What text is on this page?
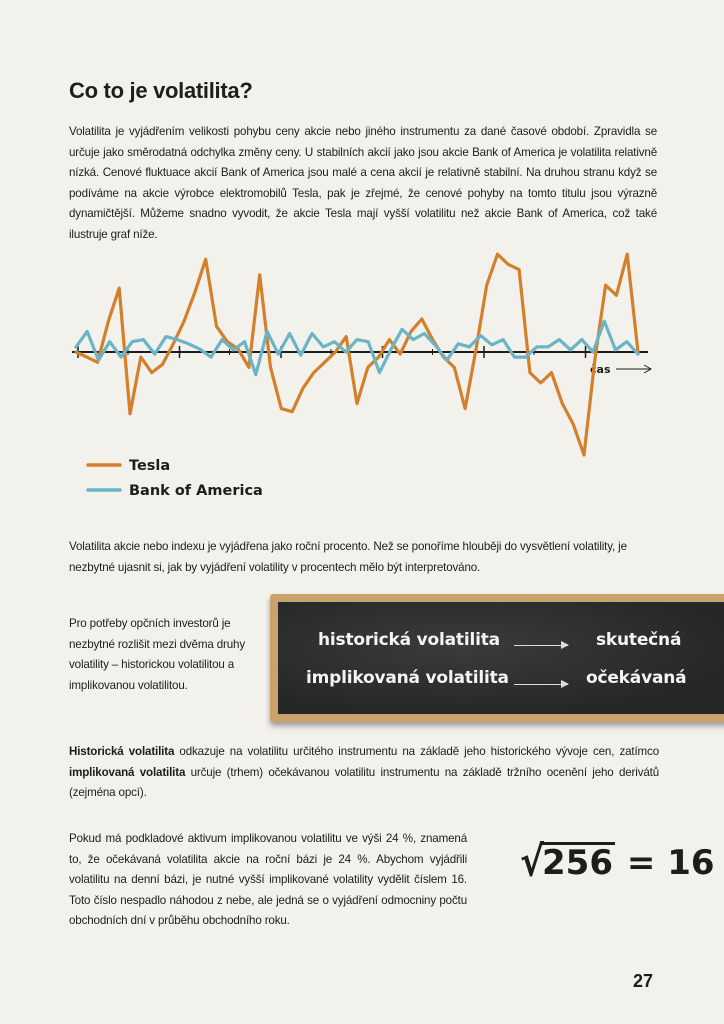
Co to je volatilita?
Volatilita je vyjádřením velikosti pohybu ceny akcie nebo jiného instrumentu za dané časové období. Zpravidla se určuje jako směrodatná odchylka změny ceny. U stabilních akcií jako jsou akcie Bank of America je volatilita relativně nízká. Cenové fluktuace akcií Bank of America jsou malé a cena akcií je relativně stabilní. Na druhou stranu když se podíváme na akcie výrobce elektromobilů Tesla, pak je zřejmé, že cenové pohyby na tomto titulu jsou výrazně dynamičtější. Můžeme snadno vyvodit, že akcie Tesla mají vyšší volatilitu než akcie Bank of America, což také ilustruje graf níže.
čas
Tesla
Bank of America
Volatilita akcie nebo indexu je vyjádřena jako roční procento. Než se ponoříme hlouběji do vysvětlení volatility, je nezbytné ujasnit si, jak by vyjádření volatility v procentech mělo být interpretováno.
Pro potřeby opčních investorů je nezbytné rozlišit mezi dvěma druhy volatility – historickou volatilitou a implikovanou volatilitou.
historická volatilita	skutečná
implikovaná volatilita	očekávaná
Historická volatilita odkazuje na volatilitu určitého instrumentu na základě jeho historického vývoje cen, zatímco implikovaná volatilita určuje (trhem) očekávanou volatilitu instrumentu na základě tržního ocenění jeho derivátů (zejména opcí).
Pokud má podkladové aktivum implikovanou volatilitu ve výši 24 %, znamená to, že očekávaná volatilita akcie na roční bázi je 24 %. Abychom vyjádřili volatilitu na denní bázi, je nutné vyšší implikované volatility vydělit číslem 16. Toto číslo nespadlo náhodou z nebe, ale jedná se o vyjádření odmocniny počtu obchodních dní v průběhu obchodního roku.
√256 = 16
27
